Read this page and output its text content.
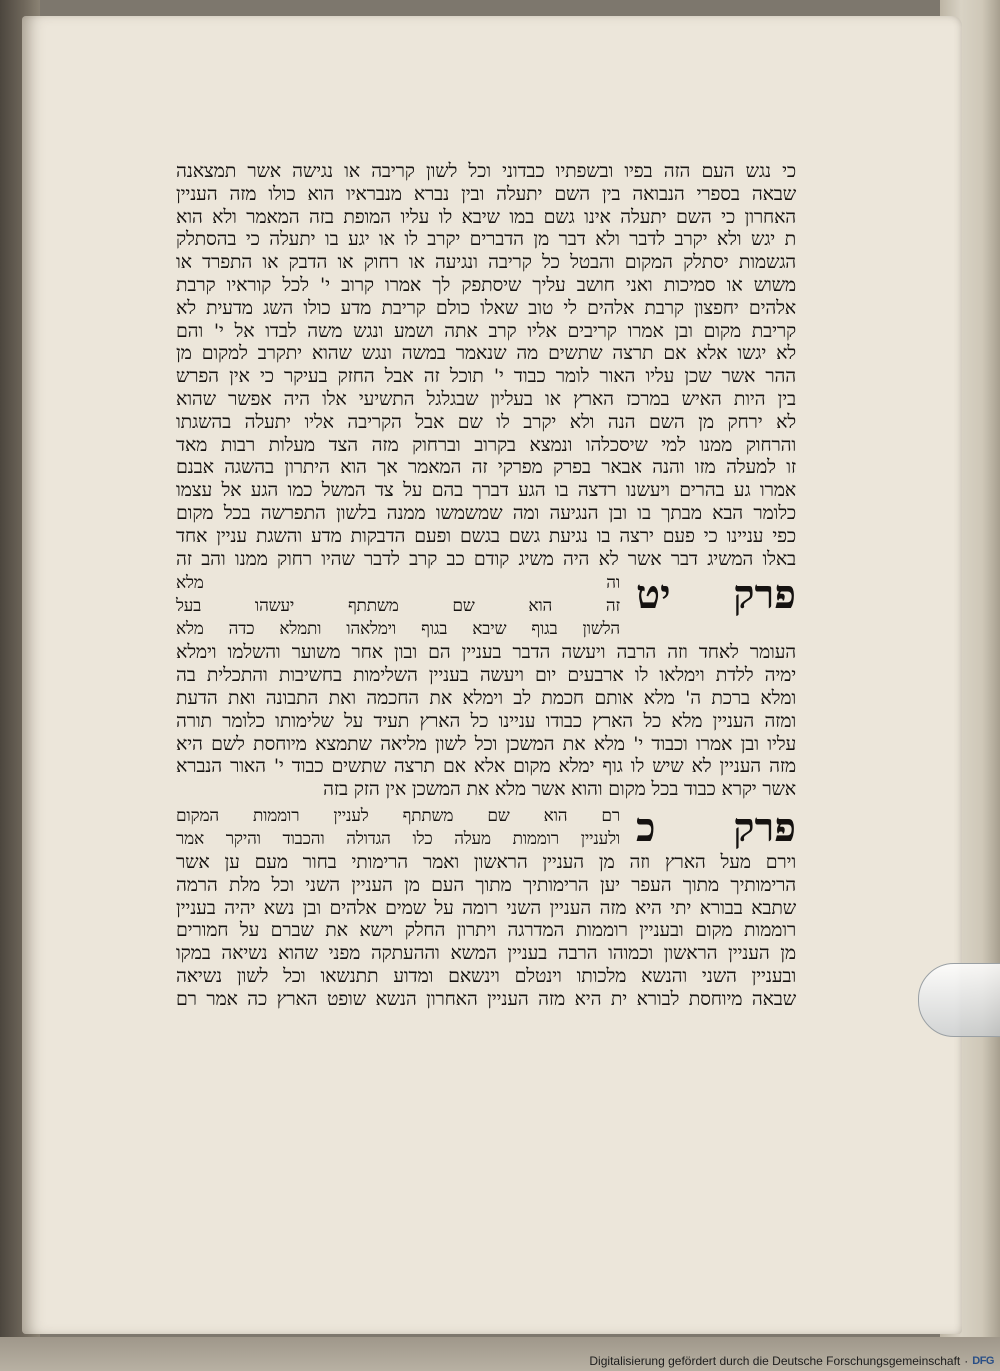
כי נגש העם הזה בפיו ובשפתיו כבדוני וכל לשון קריבה או נגישה אשר תמצאנה
שבאה בספרי הנבואה בין השם יתעלה ובין נברא מנבראיו הוא כולו מזה העניין
האחרון כי השם יתעלה אינו גשם במו שיבא לו עליו המופת בזה המאמר ולא הוא
ת יגש ולא יקרב לדבר ולא דבר מן הדברים יקרב לו או יגע בו יתעלה כי בהסתלק
הגשמות יסתלק המקום והבטל כל קריבה ונגיעה או רחוק או הדבק או התפרד או
משוש או סמיכות ואני חושב עליך שיסתפק לך אמרו קרוב י' לכל קוראיו קרבת
אלהים יחפצון קרבת אלהים לי טוב שאלו כולם קריבת מדע כולו השג מדעית לא
קריבת מקום ובן אמרו קריבים אליו קרב אתה ושמע ונגש משה לבדו אל י' והם
לא יגשו אלא אם תרצה שתשים מה שנאמר במשה ונגש שהוא יתקרב למקום מן
ההר אשר שכן עליו האור לומר כבוד י' תוכל זה אבל החזק בעיקר כי אין הפרש
בין היות האיש במרכז הארץ או בעליון שבגלגל התשיעי אלו היה אפשר שהוא
לא ירחק מן השם הנה ולא יקרב לו שם אבל הקריבה אליו יתעלה בהשגתו
והרחוק ממנו למי שיסכלהו ונמצא בקרוב וברחוק מזה הצד מעלות רבות מאד
זו למעלה מזו והנה אבאר בפרק מפרקי זה המאמר אך הוא היתרון בהשגה אבנם
אמרו גע בהרים ויעשנו רדצה בו הגע דברך בהם על צד המשל כמו הגע אל עצמו
כלומר הבא מבתך בו ובן הנגיעה ומה שמשמשו ממנה בלשון התפרשה בכל מקום
כפי עניינו כי פעם ירצה בו נגיעת גשם בגשם ופעם הדבקות מדע והשגת עניין אחד
באלו המשיג דבר אשר לא היה משיג קודם כב קרב לדבר שהיו רחוק ממנו והב זה
פרק יט
וה מלא
זה הוא שם משתתף יעשהו בעל
הלשון בגוף שיבא בגוף וימלאהו ותמלא כדה מלא
העומר לאחד וזה הרבה ויעשה הדבר בעניין הם ובון אחר משוער והשלמו וימלא
ימיה ללדת וימלאו לו ארבעים יום ויעשה בעניין השלימות בחשיבות והתכלית בה
ומלא ברכת ה' מלא אותם חכמת לב וימלא את החכמה ואת התבונה ואת הדעת
ומזה העניין מלא כל הארץ כבודו עניינו כל הארץ תעיד על שלימותו כלומר תורה
עליו ובן אמרו וכבוד י' מלא את המשכן וכל לשון מליאה שתמצא מיוחסת לשם היא
מזה העניין לא שיש לו גוף ימלא מקום אלא אם תרצה שתשים כבוד י' האור הנברא
אשר יקרא כבוד בכל מקום והוא אשר מלא את המשכן אין הזק בזה
פרק כ
רם הוא שם משתתף לעניין רוממות המקום
ולעניין רוממות מעלה כלו הגדולה והכבוד והיקר אמר
וירם מעל הארץ וזה מן העניין הראשון ואמר הרימותי בחור מעם ען אשר
הרימותיך מתוך העפר יען הרימותיך מתוך העם מן העניין השני וכל מלת הרמה
שתבא בבורא יתי היא מזה העניין השני רומה על שמים אלהים ובן נשא יהיה בעניין
רוממות מקום ובעניין רוממות המדרגה ויתרון החלק וישא את שברם על חמורים
מן העניין הראשון וכמוהו הרבה בעניין המשא וההעתקה מפני שהוא נשיאה במקו
ובעניין השני והנשא מלכותו וינטלם וינשאם ומדוע תתנשאו וכל לשון נשיאה
שבאה מיוחסת לבורא ית היא מזה העניין האחרון הנשא שופט הארץ כה אמר רם
Digitalisierung gefördert durch die Deutsche Forschungsgemeinschaft · DFG
